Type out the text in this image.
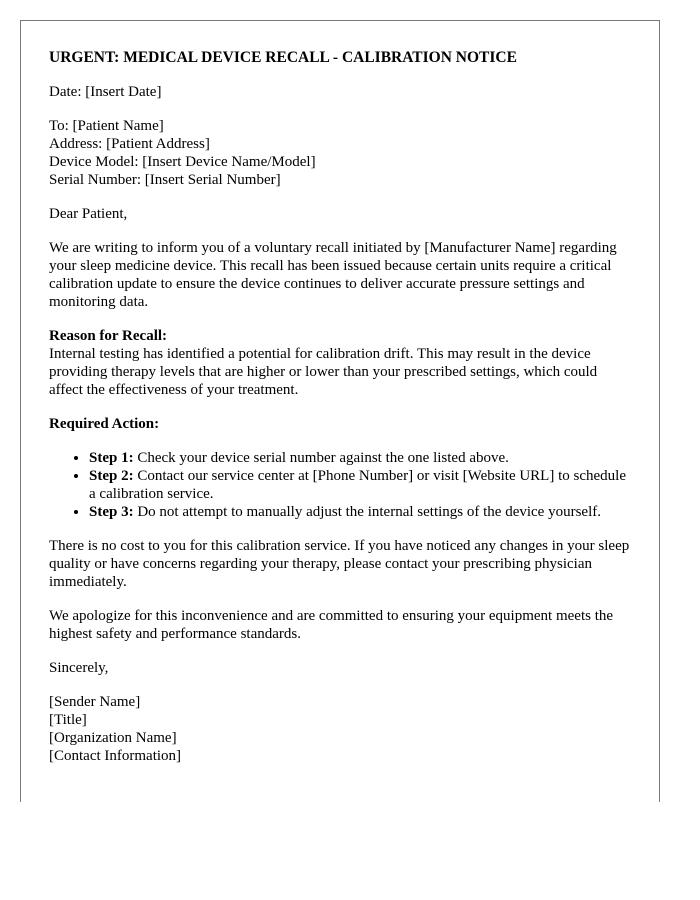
URGENT: MEDICAL DEVICE RECALL - CALIBRATION NOTICE

Date: [Insert Date]

To: [Patient Name]
Address: [Patient Address]
Device Model: [Insert Device Name/Model]
Serial Number: [Insert Serial Number]

Dear Patient,

We are writing to inform you of a voluntary recall initiated by [Manufacturer Name] regarding your sleep medicine device. This recall has been issued because certain units require a critical calibration update to ensure the device continues to deliver accurate pressure settings and monitoring data.

Reason for Recall:
Internal testing has identified a potential for calibration drift. This may result in the device providing therapy levels that are higher or lower than your prescribed settings, which could affect the effectiveness of your treatment.

Required Action:

• Step 1: Check your device serial number against the one listed above.
• Step 2: Contact our service center at [Phone Number] or visit [Website URL] to schedule a calibration service.
• Step 3: Do not attempt to manually adjust the internal settings of the device yourself.

There is no cost to you for this calibration service. If you have noticed any changes in your sleep quality or have concerns regarding your therapy, please contact your prescribing physician immediately.

We apologize for this inconvenience and are committed to ensuring your equipment meets the highest safety and performance standards.

Sincerely,

[Sender Name]
[Title]
[Organization Name]
[Contact Information]
